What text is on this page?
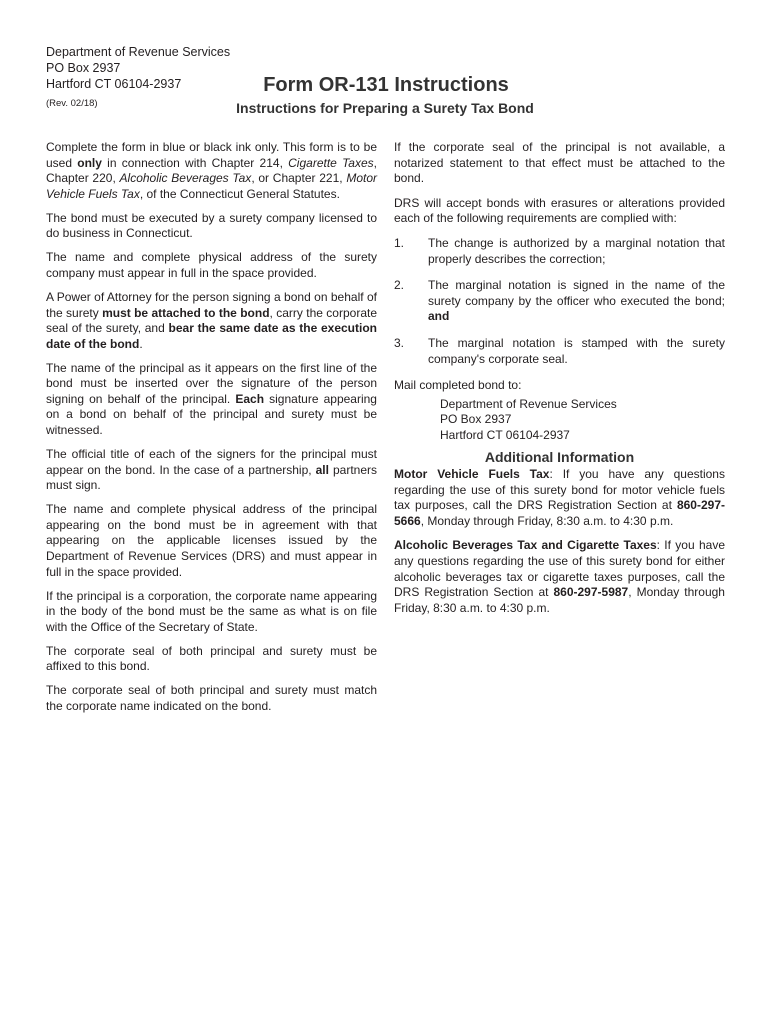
Department of Revenue Services
PO Box 2937
Hartford CT 06104-2937
(Rev. 02/18)
Form OR-131 Instructions
Instructions for Preparing a Surety Tax Bond

Complete the form in blue or black ink only. This form is to be used only in connection with Chapter 214, Cigarette Taxes, Chapter 220, Alcoholic Beverages Tax, or Chapter 221, Motor Vehicle Fuels Tax, of the Connecticut General Statutes.

The bond must be executed by a surety company licensed to do business in Connecticut.

The name and complete physical address of the surety company must appear in full in the space provided.

A Power of Attorney for the person signing a bond on behalf of the surety must be attached to the bond, carry the corporate seal of the surety, and bear the same date as the execution date of the bond.

The name of the principal as it appears on the first line of the bond must be inserted over the signature of the person signing on behalf of the principal. Each signature appearing on a bond on behalf of the principal and surety must be witnessed.

The official title of each of the signers for the principal must appear on the bond. In the case of a partnership, all partners must sign.

The name and complete physical address of the principal appearing on the bond must be in agreement with that appearing on the applicable licenses issued by the Department of Revenue Services (DRS) and must appear in full in the space provided.

If the principal is a corporation, the corporate name appearing in the body of the bond must be the same as what is on file with the Office of the Secretary of State.

The corporate seal of both principal and surety must be affixed to this bond.

The corporate seal of both principal and surety must match the corporate name indicated on the bond.

If the corporate seal of the principal is not available, a notarized statement to that effect must be attached to the bond.

DRS will accept bonds with erasures or alterations provided each of the following requirements are complied with:

1.	The change is authorized by a marginal notation that properly describes the correction;
2.	The marginal notation is signed in the name of the surety company by the officer who executed the bond; and
3.	The marginal notation is stamped with the surety company's corporate seal.

Mail completed bond to:

Department of Revenue Services
PO Box 2937
Hartford CT 06104-2937
Additional Information

Motor Vehicle Fuels Tax: If you have any questions regarding the use of this surety bond for motor vehicle fuels tax purposes, call the DRS Registration Section at 860-297-5666, Monday through Friday, 8:30 a.m. to 4:30 p.m.

Alcoholic Beverages Tax and Cigarette Taxes: If you have any questions regarding the use of this surety bond for either alcoholic beverages tax or cigarette taxes purposes, call the DRS Registration Section at 860-297-5987, Monday through Friday, 8:30 a.m. to 4:30 p.m.
